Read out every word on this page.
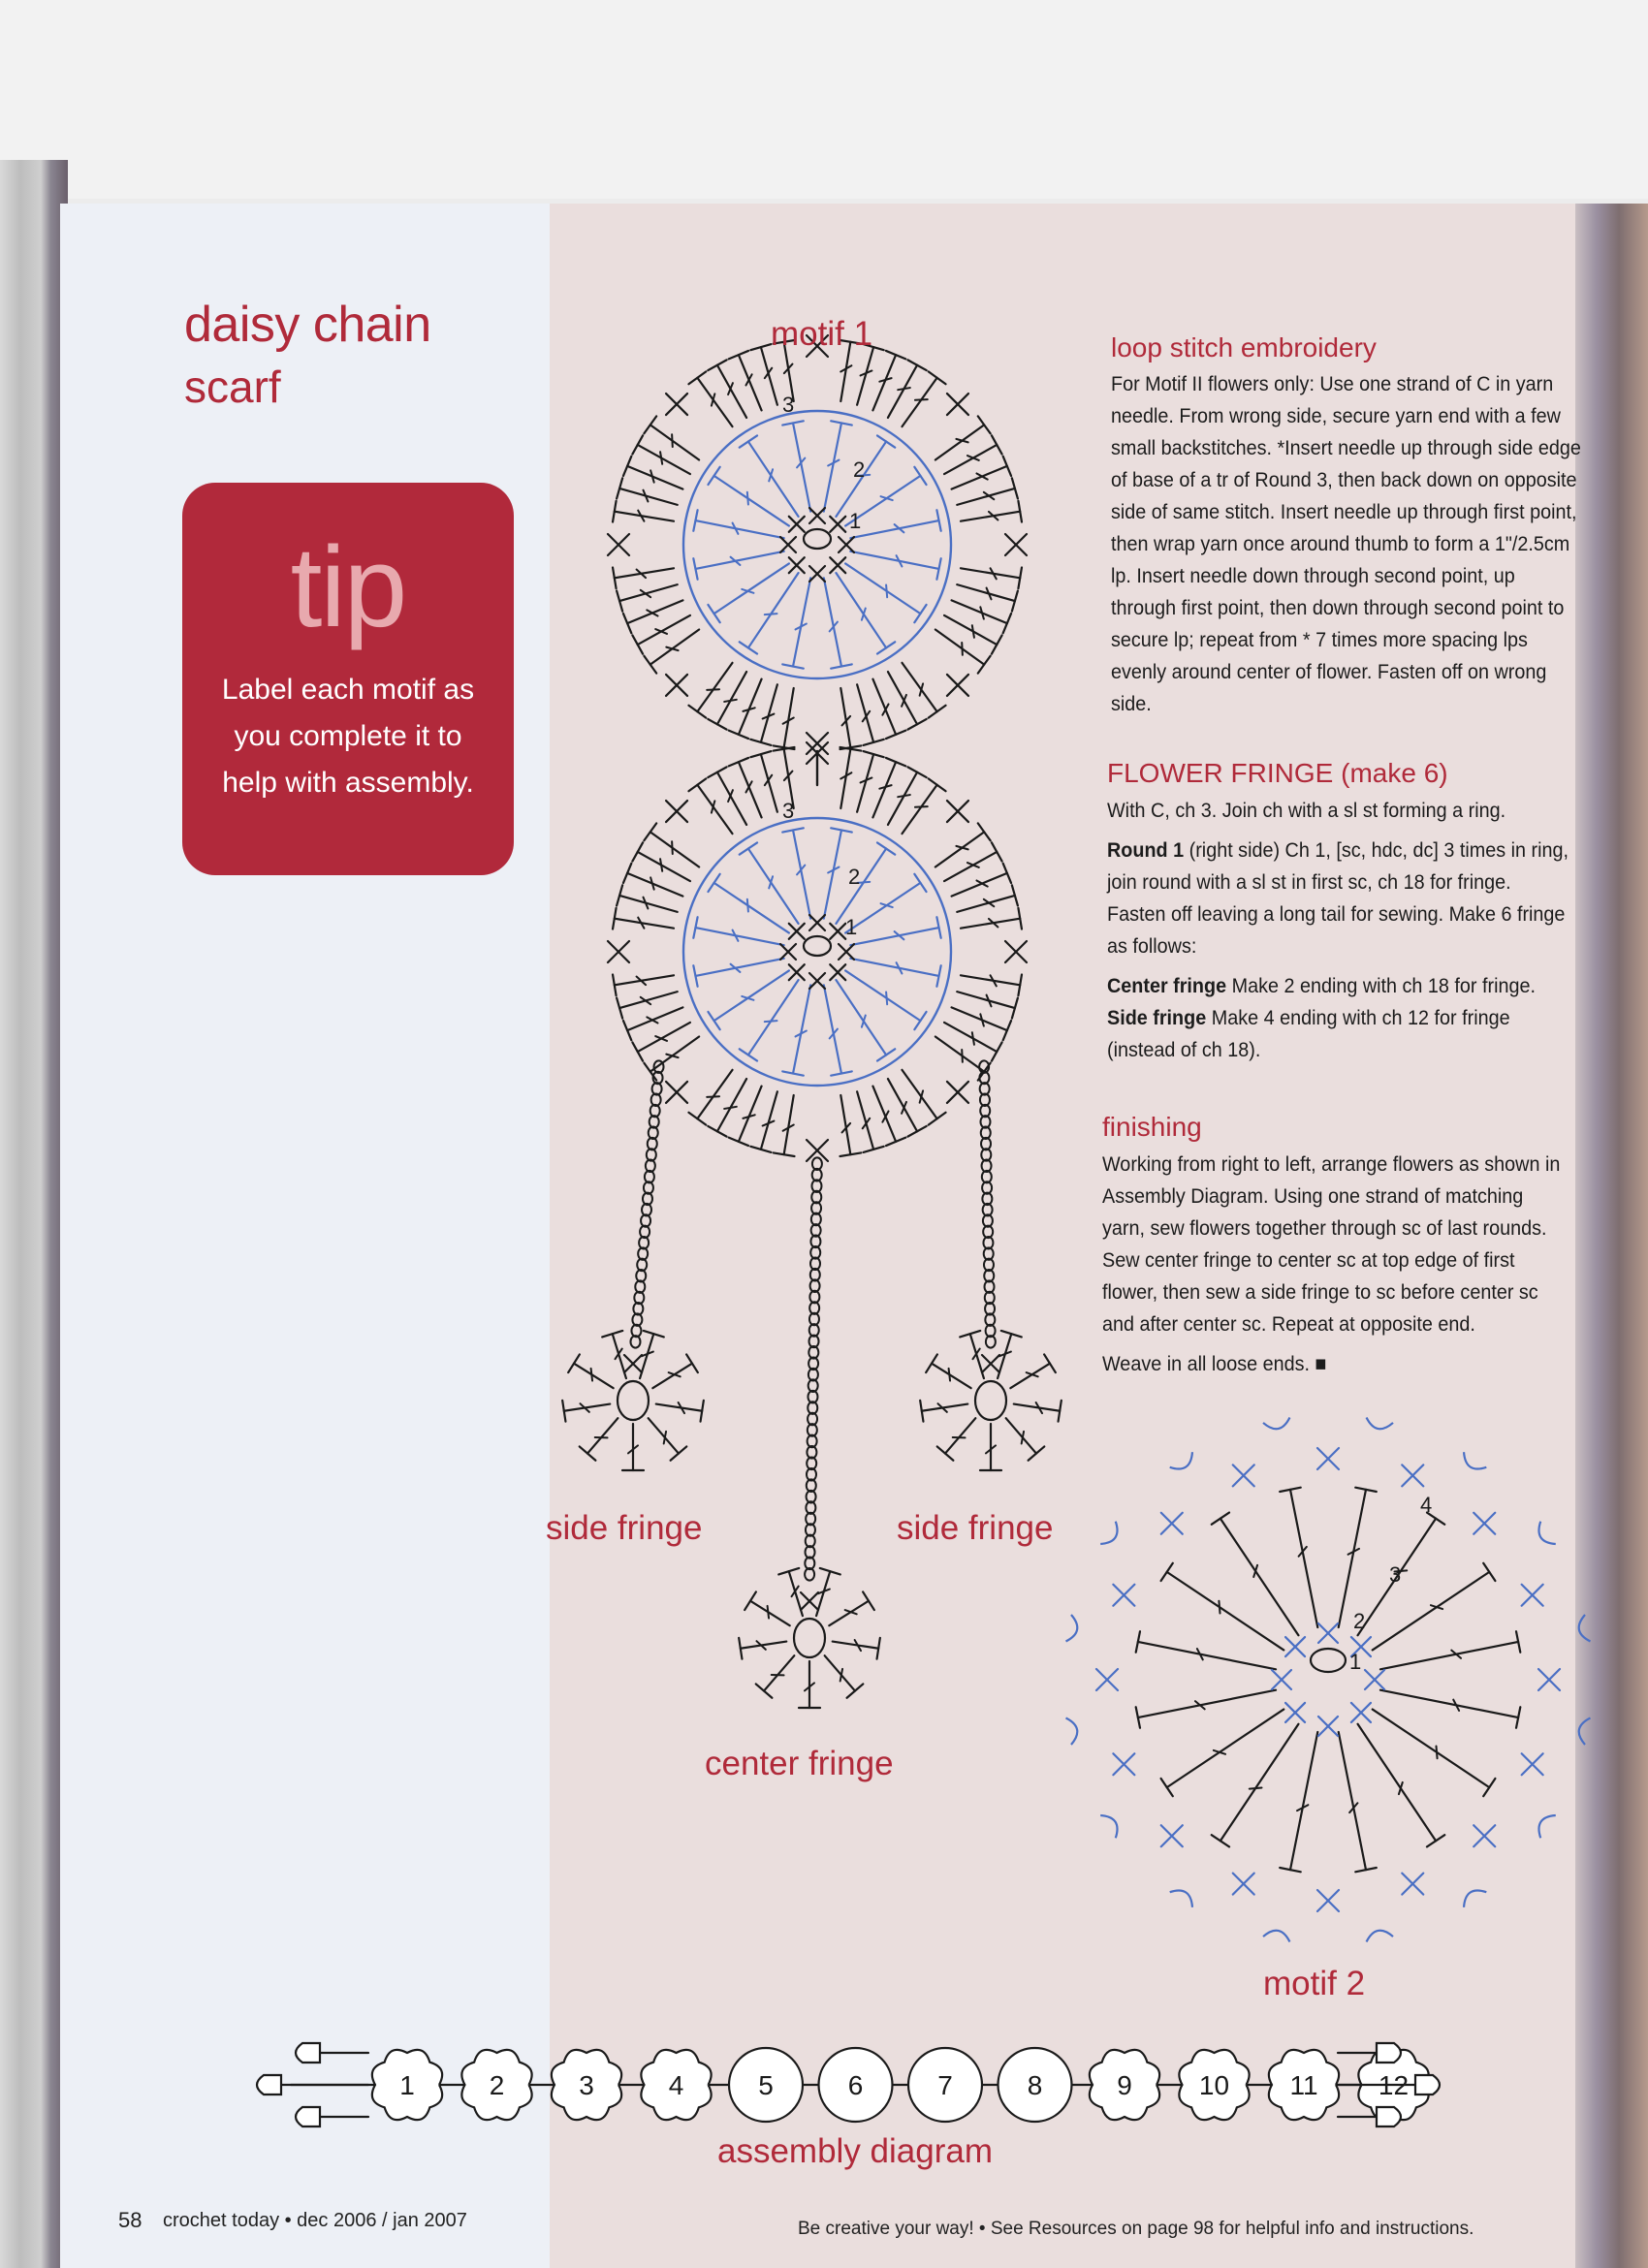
daisy chain
scarf
tip
Label each motif as you complete it to help with assembly.
1	2	3	4	5	6	7	8	9 10 11 12
3
2
1
3
2
1
4
3
2
1
motif 1
side fringe	side fringe
center fringe
motif 2
assembly diagram
loop stitch embroidery

For Motif II flowers only: Use one strand of C in yarn needle. From wrong side, secure yarn end with a few small backstitches. *Insert needle up through side edge of base of a tr of Round 3, then back down on opposite side of same stitch. Insert needle up through first point, then wrap yarn once around thumb to form a 1"/2.5cm lp. Insert needle down through second point, up through first point, then down through second point to secure lp; repeat from * 7 times more spacing lps evenly around center of flower. Fasten off on wrong side.

FLOWER FRINGE (make 6)

With C, ch 3. Join ch with a sl st forming a ring.

Round 1 (right side) Ch 1, [sc, hdc, dc] 3 times in ring, join round with a sl st in first sc, ch 18 for fringe. Fasten off leaving a long tail for sewing. Make 6 fringe as follows:

Center fringe Make 2 ending with ch 18 for fringe.

Side fringe Make 4 ending with ch 12 for fringe (instead of ch 18).

finishing

Working from right to left, arrange flowers as shown in Assembly Diagram. Using one strand of matching yarn, sew flowers together through sc of last rounds. Sew center fringe to center sc at top edge of first flower, then sew a side fringe to sc before center sc and after center sc. Repeat at opposite end.

Weave in all loose ends. ■

58 crochet today • dec 2006 / jan 2007	Be creative your way! • See Resources on page 98 for helpful info and instructions.
